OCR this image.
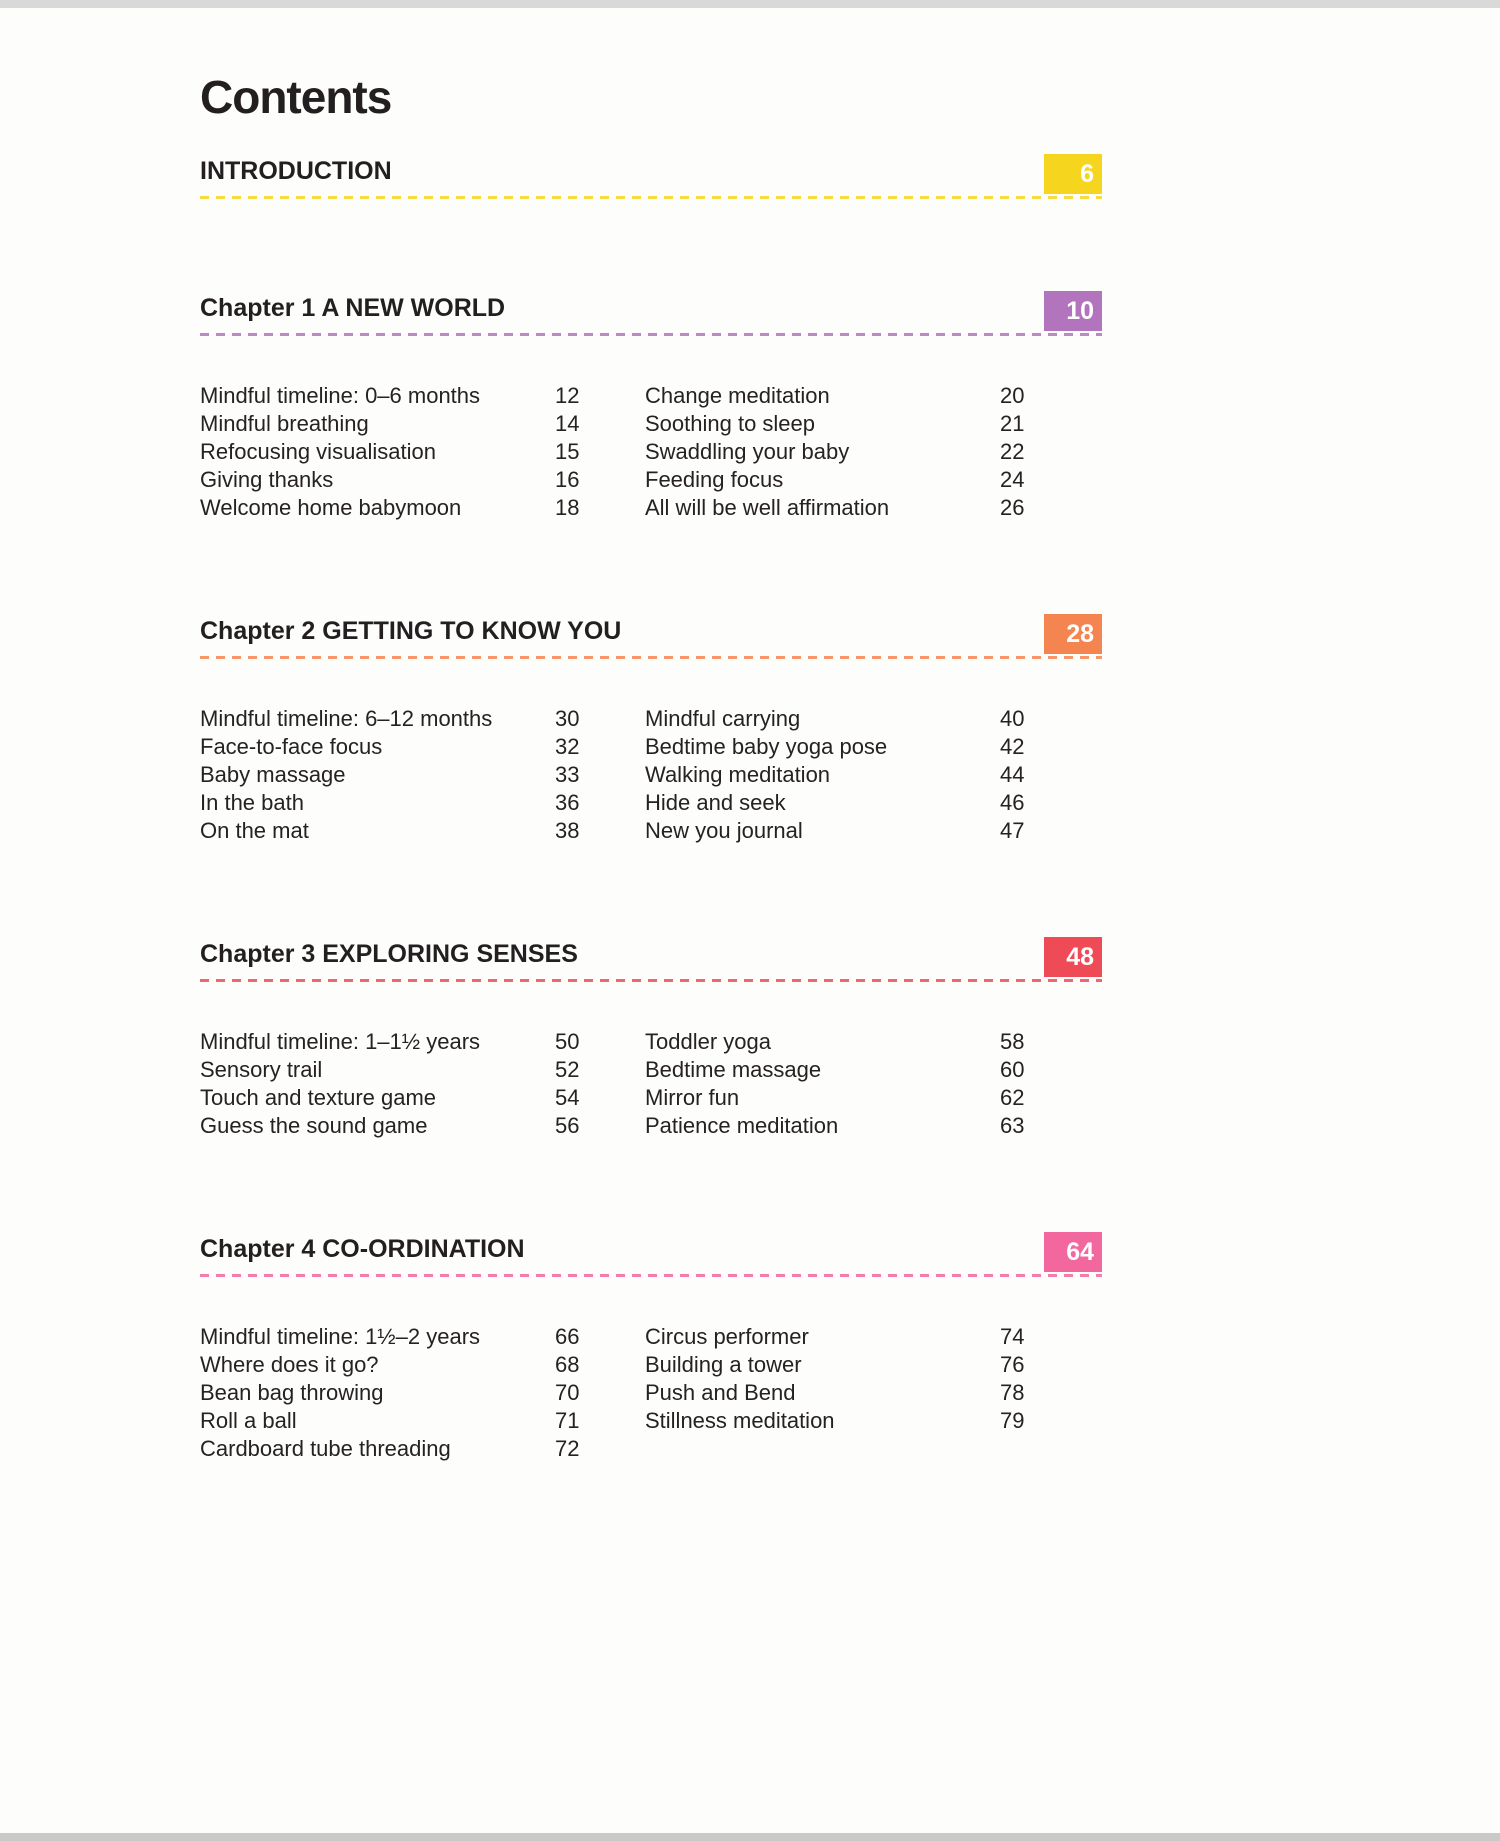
Contents
INTRODUCTION	6
Chapter 1 A NEW WORLD	10
Mindful timeline: 0–6 months	12
Mindful breathing	14
Refocusing visualisation	15
Giving thanks	16
Welcome home babymoon	18
Change meditation	20
Soothing to sleep	21
Swaddling your baby	22
Feeding focus	24
All will be well affirmation	26
Chapter 2 GETTING TO KNOW YOU	28
Mindful timeline: 6–12 months	30
Face-to-face focus	32
Baby massage	33
In the bath	36
On the mat	38
Mindful carrying	40
Bedtime baby yoga pose	42
Walking meditation	44
Hide and seek	46
New you journal	47
Chapter 3 EXPLORING SENSES	48
Mindful timeline: 1–1½ years	50
Sensory trail	52
Touch and texture game	54
Guess the sound game	56
Toddler yoga	58
Bedtime massage	60
Mirror fun	62
Patience meditation	63
Chapter 4 CO-ORDINATION	64
Mindful timeline: 1½–2 years	66
Where does it go?	68
Bean bag throwing	70
Roll a ball	71
Cardboard tube threading	72
Circus performer	74
Building a tower	76
Push and Bend	78
Stillness meditation	79
